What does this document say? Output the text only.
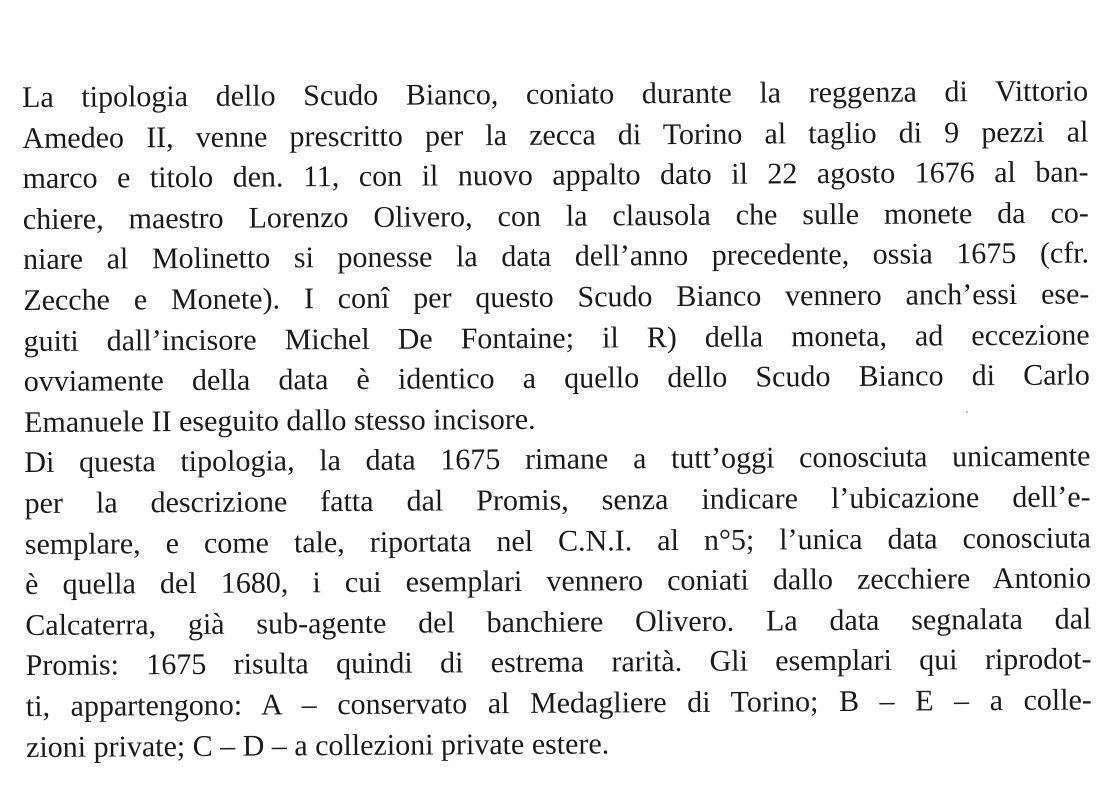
La tipologia dello Scudo Bianco, coniato durante la reggenza di Vittorio
Amedeo II, venne prescritto per la zecca di Torino al taglio di 9 pezzi al
marco e titolo den. 11, con il nuovo appalto dato il 22 agosto 1676 al ban-
chiere, maestro Lorenzo Olivero, con la clausola che sulle monete da co-
niare al Molinetto si ponesse la data dell’anno precedente, ossia 1675 (cfr.
Zecche e Monete). I conî per questo Scudo Bianco vennero anch’essi ese-
guiti dall’incisore Michel De Fontaine; il R) della moneta, ad eccezione
ovviamente della data è identico a quello dello Scudo Bianco di Carlo
Emanuele II eseguito dallo stesso incisore.
Di questa tipologia, la data 1675 rimane a tutt’oggi conosciuta unicamente
per la descrizione fatta dal Promis, senza indicare l’ubicazione dell’e-
semplare, e come tale, riportata nel C.N.I. al n°5; l’unica data conosciuta
è quella del 1680, i cui esemplari vennero coniati dallo zecchiere Antonio
Calcaterra, già sub-agente del banchiere Olivero. La data segnalata dal
Promis: 1675 risulta quindi di estrema rarità. Gli esemplari qui riprodot-
ti, appartengono: A – conservato al Medagliere di Torino; B – E – a colle-
zioni private; C – D – a collezioni private estere.
